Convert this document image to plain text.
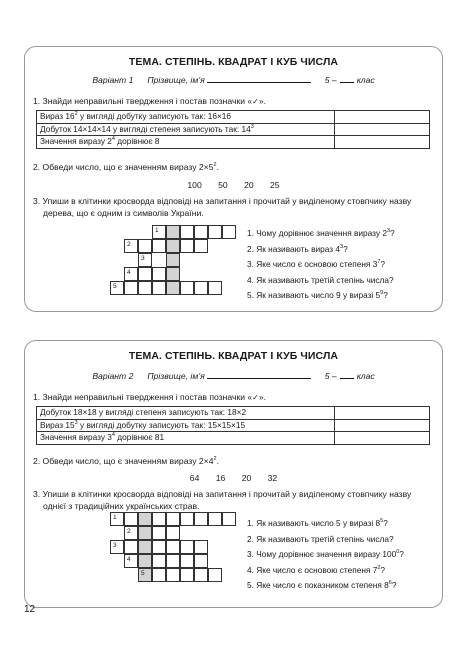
ТЕМА. СТЕПІНЬ. КВАДРАТ І КУБ ЧИСЛА
Варіант 1 Прізвище, ім’я	5 – клас
1. Знайди неправильні твердження і постав позначки «✓».
Вираз $16^2$ у вигляді добутку записують так: 16×16	
Добуток 14×14×14 у вигляді степеня записують так: $14^3$	
Значення виразу $2^4$ дорівнює 8	
2. Обведи число, що є значенням виразу $2\times 5^2$.
100 50 20 25
3. Упиши в клітинки кросворда відповіді на запитання і прочитай у виділеному стовпчику назву
дерева, що є одним із символів України.
1
2
3
4
5
1. Чому дорівнює значення виразу $2^3$?
2. Як називають вираз $4^3$?
3. Яке число є основою степеня $3^7$?
4. Як називають третій степінь числа?
5. Як називають число 9 у виразі $5^9$?
ТЕМА. СТЕПІНЬ. КВАДРАТ І КУБ ЧИСЛА
Варіант 2 Прізвище, ім’я	5 – клас
1. Знайди неправильні твердження і постав позначки «✓».
Добуток 18×18 у вигляді степеня записують так: 18×2	
Вираз $15^3$ у вигляді добутку записують так: 15×15×15	
Значення виразу $3^4$ дорівнює 81	
2. Обведи число, що є значенням виразу $2\times 4^2$.
64 16 20 32
3. Упиши в клітинки кросворда відповіді на запитання і прочитай у виділеному стовпчику назву
однієї з традиційних українських страв.
1
2
3
4
5
1. Як називають число 5 у виразі $8^5$?
2. Як називають третій степінь числа?
3. Чому дорівнює значення виразу $100^0$?
4. Яке число є основою степеня $7^2$?
5. Яке число є показником степеня $8^6$?
12
